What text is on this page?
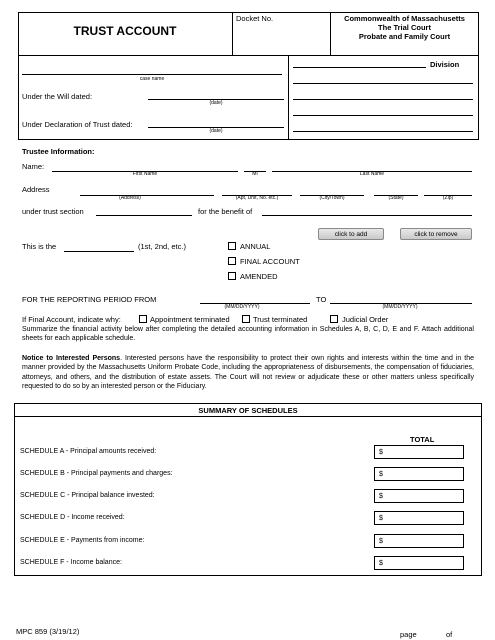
TRUST ACCOUNT
Docket No.	Commonwealth of Massachusetts
The Trial Court
Probate and Family Court
case name
Under the Will dated:
(date)
Under Declaration of Trust dated:
(date)
Division
Trustee Information:
Name:
First Name	MI	Last Name
Address
(Address)	(Apt, Unit, No. etc.)	(City/Town)	(State)	(Zip)
under trust section	for the benefit of
click to add	click to remove
This is the	(1st, 2nd, etc.)	ANNUAL
FINAL ACCOUNT
AMENDED
FOR THE REPORTING PERIOD FROM
(MM/DD/YYYY)
TO
(MM/DD/YYYY)
If Final Account, indicate why:	Appointment terminated	Trust terminated	Judicial Order
Summarize the financial activity below after completing the detailed accounting information in Schedules A, B, C, D, E and F. Attach additional sheets for each applicable schedule.
Notice to Interested Persons. Interested persons have the responsibility to protect their own rights and interests within the time and in the manner provided by the Massachusetts Uniform Probate Code, including the appropriateness of disbursements, the compensation of fiduciaries, attorneys, and others, and the distribution of estate assets. The Court will not review or adjudicate these or other matters unless specifically requested to do so by an interested person or the Fiduciary.
SUMMARY OF SCHEDULES
TOTAL
SCHEDULE A - Principal amounts received:	$
SCHEDULE B - Principal payments and charges:	$
SCHEDULE C - Principal balance invested:	$
SCHEDULE D - Income received:	$
SCHEDULE E - Payments from income:	$
SCHEDULE F - Income balance:	$
MPC 859 (3/19/12)	page	of
